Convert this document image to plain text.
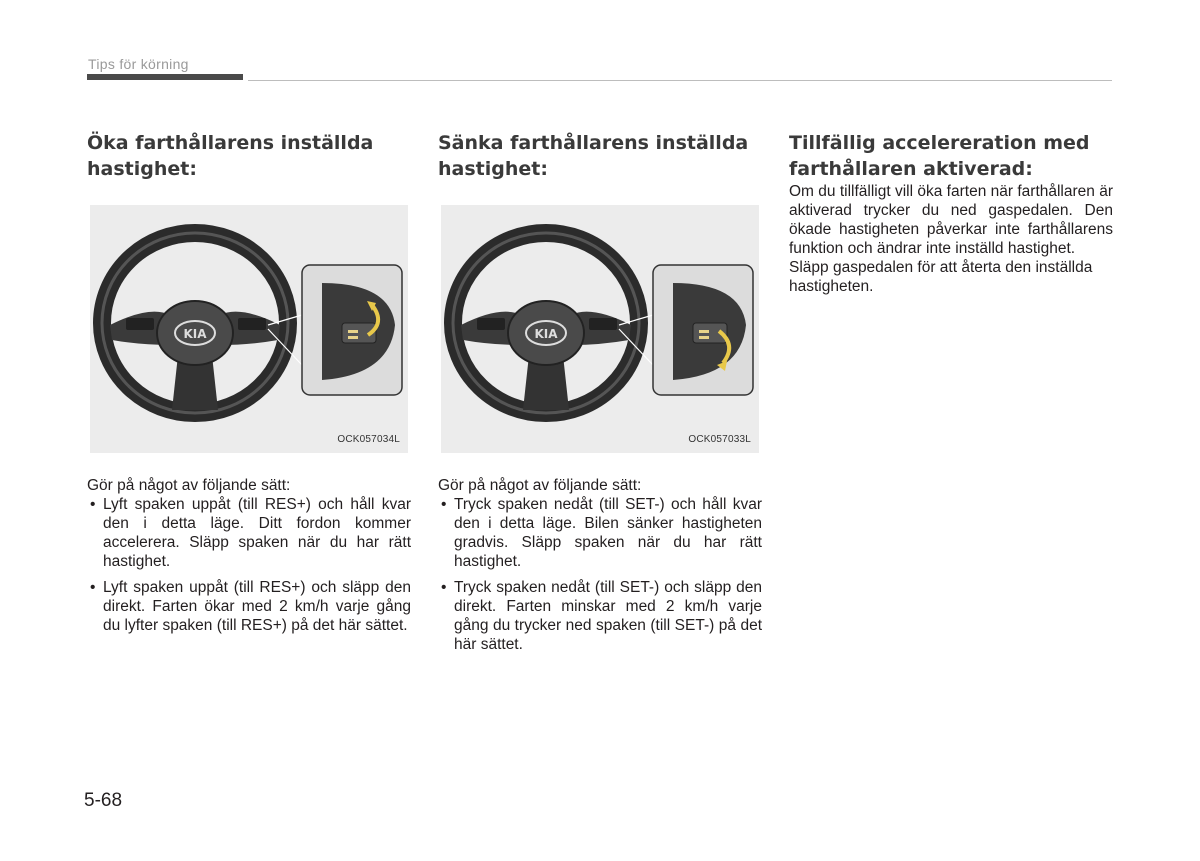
Tips för körning
Öka farthållarens inställda
hastighet:
Sänka farthållarens inställda
hastighet:
Tillfällig accelereration med
farthållaren aktiverad:
Om du tillfälligt vill öka farten när farthållaren är aktiverad trycker du ned gaspedalen. Den ökade hastigheten påverkar inte farthållarens funktion och ändrar inte inställd hastighet.
Släpp gaspedalen för att återta den inställda hastigheten.
KIA
OCK057034L
KIA
OCK057033L
Gör på något av följande sätt:
• Lyft spaken uppåt (till RES+) och håll kvar den i detta läge. Ditt fordon kommer accelerera. Släpp spaken när du har rätt hastighet.
• Lyft spaken uppåt (till RES+) och släpp den direkt. Farten ökar med 2 km/h varje gång du lyfter spaken (till RES+) på det här sättet.
Gör på något av följande sätt:
• Tryck spaken nedåt (till SET-) och håll kvar den i detta läge. Bilen sänker hastigheten gradvis. Släpp spaken när du har rätt hastighet.
• Tryck spaken nedåt (till SET-) och släpp den direkt. Farten minskar med 2 km/h varje gång du trycker ned spaken (till SET-) på det här sättet.
5-68
